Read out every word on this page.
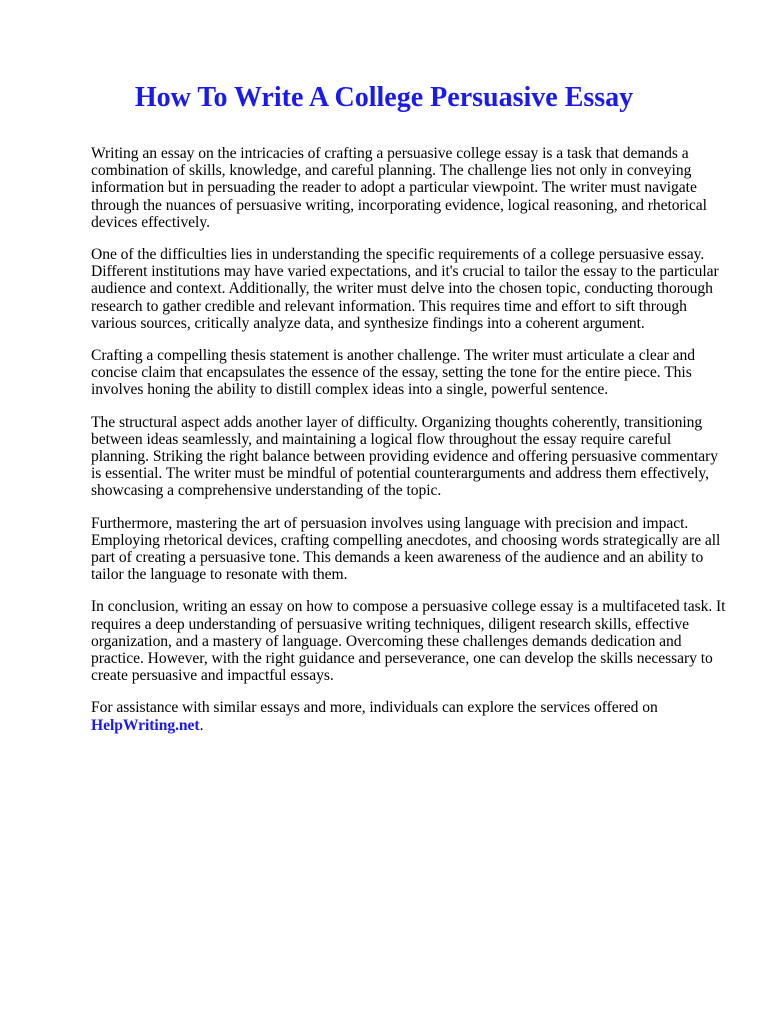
How To Write A College Persuasive Essay

Writing an essay on the intricacies of crafting a persuasive college essay is a task that demands a combination of skills, knowledge, and careful planning. The challenge lies not only in conveying information but in persuading the reader to adopt a particular viewpoint. The writer must navigate through the nuances of persuasive writing, incorporating evidence, logical reasoning, and rhetorical devices effectively.

One of the difficulties lies in understanding the specific requirements of a college persuasive essay. Different institutions may have varied expectations, and it's crucial to tailor the essay to the particular audience and context. Additionally, the writer must delve into the chosen topic, conducting thorough research to gather credible and relevant information. This requires time and effort to sift through various sources, critically analyze data, and synthesize findings into a coherent argument.

Crafting a compelling thesis statement is another challenge. The writer must articulate a clear and concise claim that encapsulates the essence of the essay, setting the tone for the entire piece. This involves honing the ability to distill complex ideas into a single, powerful sentence.

The structural aspect adds another layer of difficulty. Organizing thoughts coherently, transitioning between ideas seamlessly, and maintaining a logical flow throughout the essay require careful planning. Striking the right balance between providing evidence and offering persuasive commentary is essential. The writer must be mindful of potential counterarguments and address them effectively, showcasing a comprehensive understanding of the topic.

Furthermore, mastering the art of persuasion involves using language with precision and impact. Employing rhetorical devices, crafting compelling anecdotes, and choosing words strategically are all part of creating a persuasive tone. This demands a keen awareness of the audience and an ability to tailor the language to resonate with them.

In conclusion, writing an essay on how to compose a persuasive college essay is a multifaceted task. It requires a deep understanding of persuasive writing techniques, diligent research skills, effective organization, and a mastery of language. Overcoming these challenges demands dedication and practice. However, with the right guidance and perseverance, one can develop the skills necessary to create persuasive and impactful essays.

For assistance with similar essays and more, individuals can explore the services offered on
HelpWriting.net.
